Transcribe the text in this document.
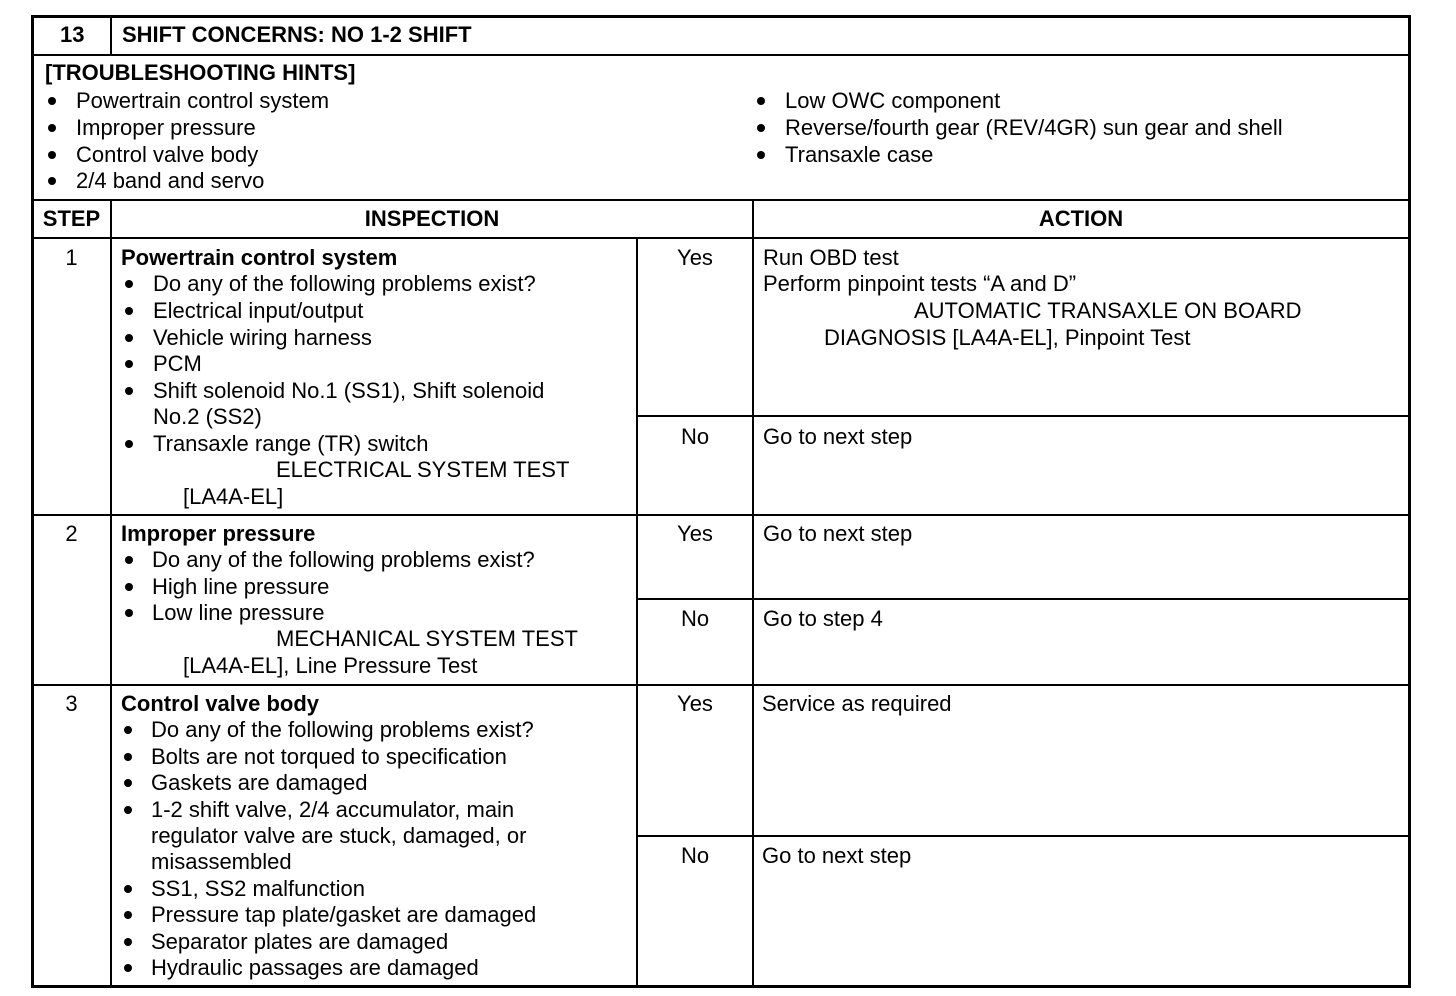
13 SHIFT CONCERNS: NO 1-2 SHIFT
[TROUBLESHOOTING HINTS]
Powertrain control system
Improper pressure
Control valve body
2/4 band and servo
Low OWC component
Reverse/fourth gear (REV/4GR) sun gear and shell
Transaxle case
STEP	INSPECTION	ACTION
1	Powertrain control system
Do any of the following problems exist?
Electrical input/output
Vehicle wiring harness
PCM
Shift solenoid No.1 (SS1), Shift solenoid
No.2 (SS2)
Transaxle range (TR) switch
ELECTRICAL SYSTEM TEST
[LA4A-EL]
Yes	Run OBD test
Perform pinpoint tests “A and D”
AUTOMATIC TRANSAXLE ON BOARD
DIAGNOSIS [LA4A-EL], Pinpoint Test
No	Go to next step
2	Improper pressure
Do any of the following problems exist?
High line pressure
Low line pressure
MECHANICAL SYSTEM TEST
[LA4A-EL], Line Pressure Test
Yes	Go to next step
No	Go to step 4
3	Control valve body
Do any of the following problems exist?
Bolts are not torqued to specification
Gaskets are damaged
1-2 shift valve, 2/4 accumulator, main
regulator valve are stuck, damaged, or
misassembled
SS1, SS2 malfunction
Pressure tap plate/gasket are damaged
Separator plates are damaged
Hydraulic passages are damaged
Yes	Service as required
No	Go to next step
